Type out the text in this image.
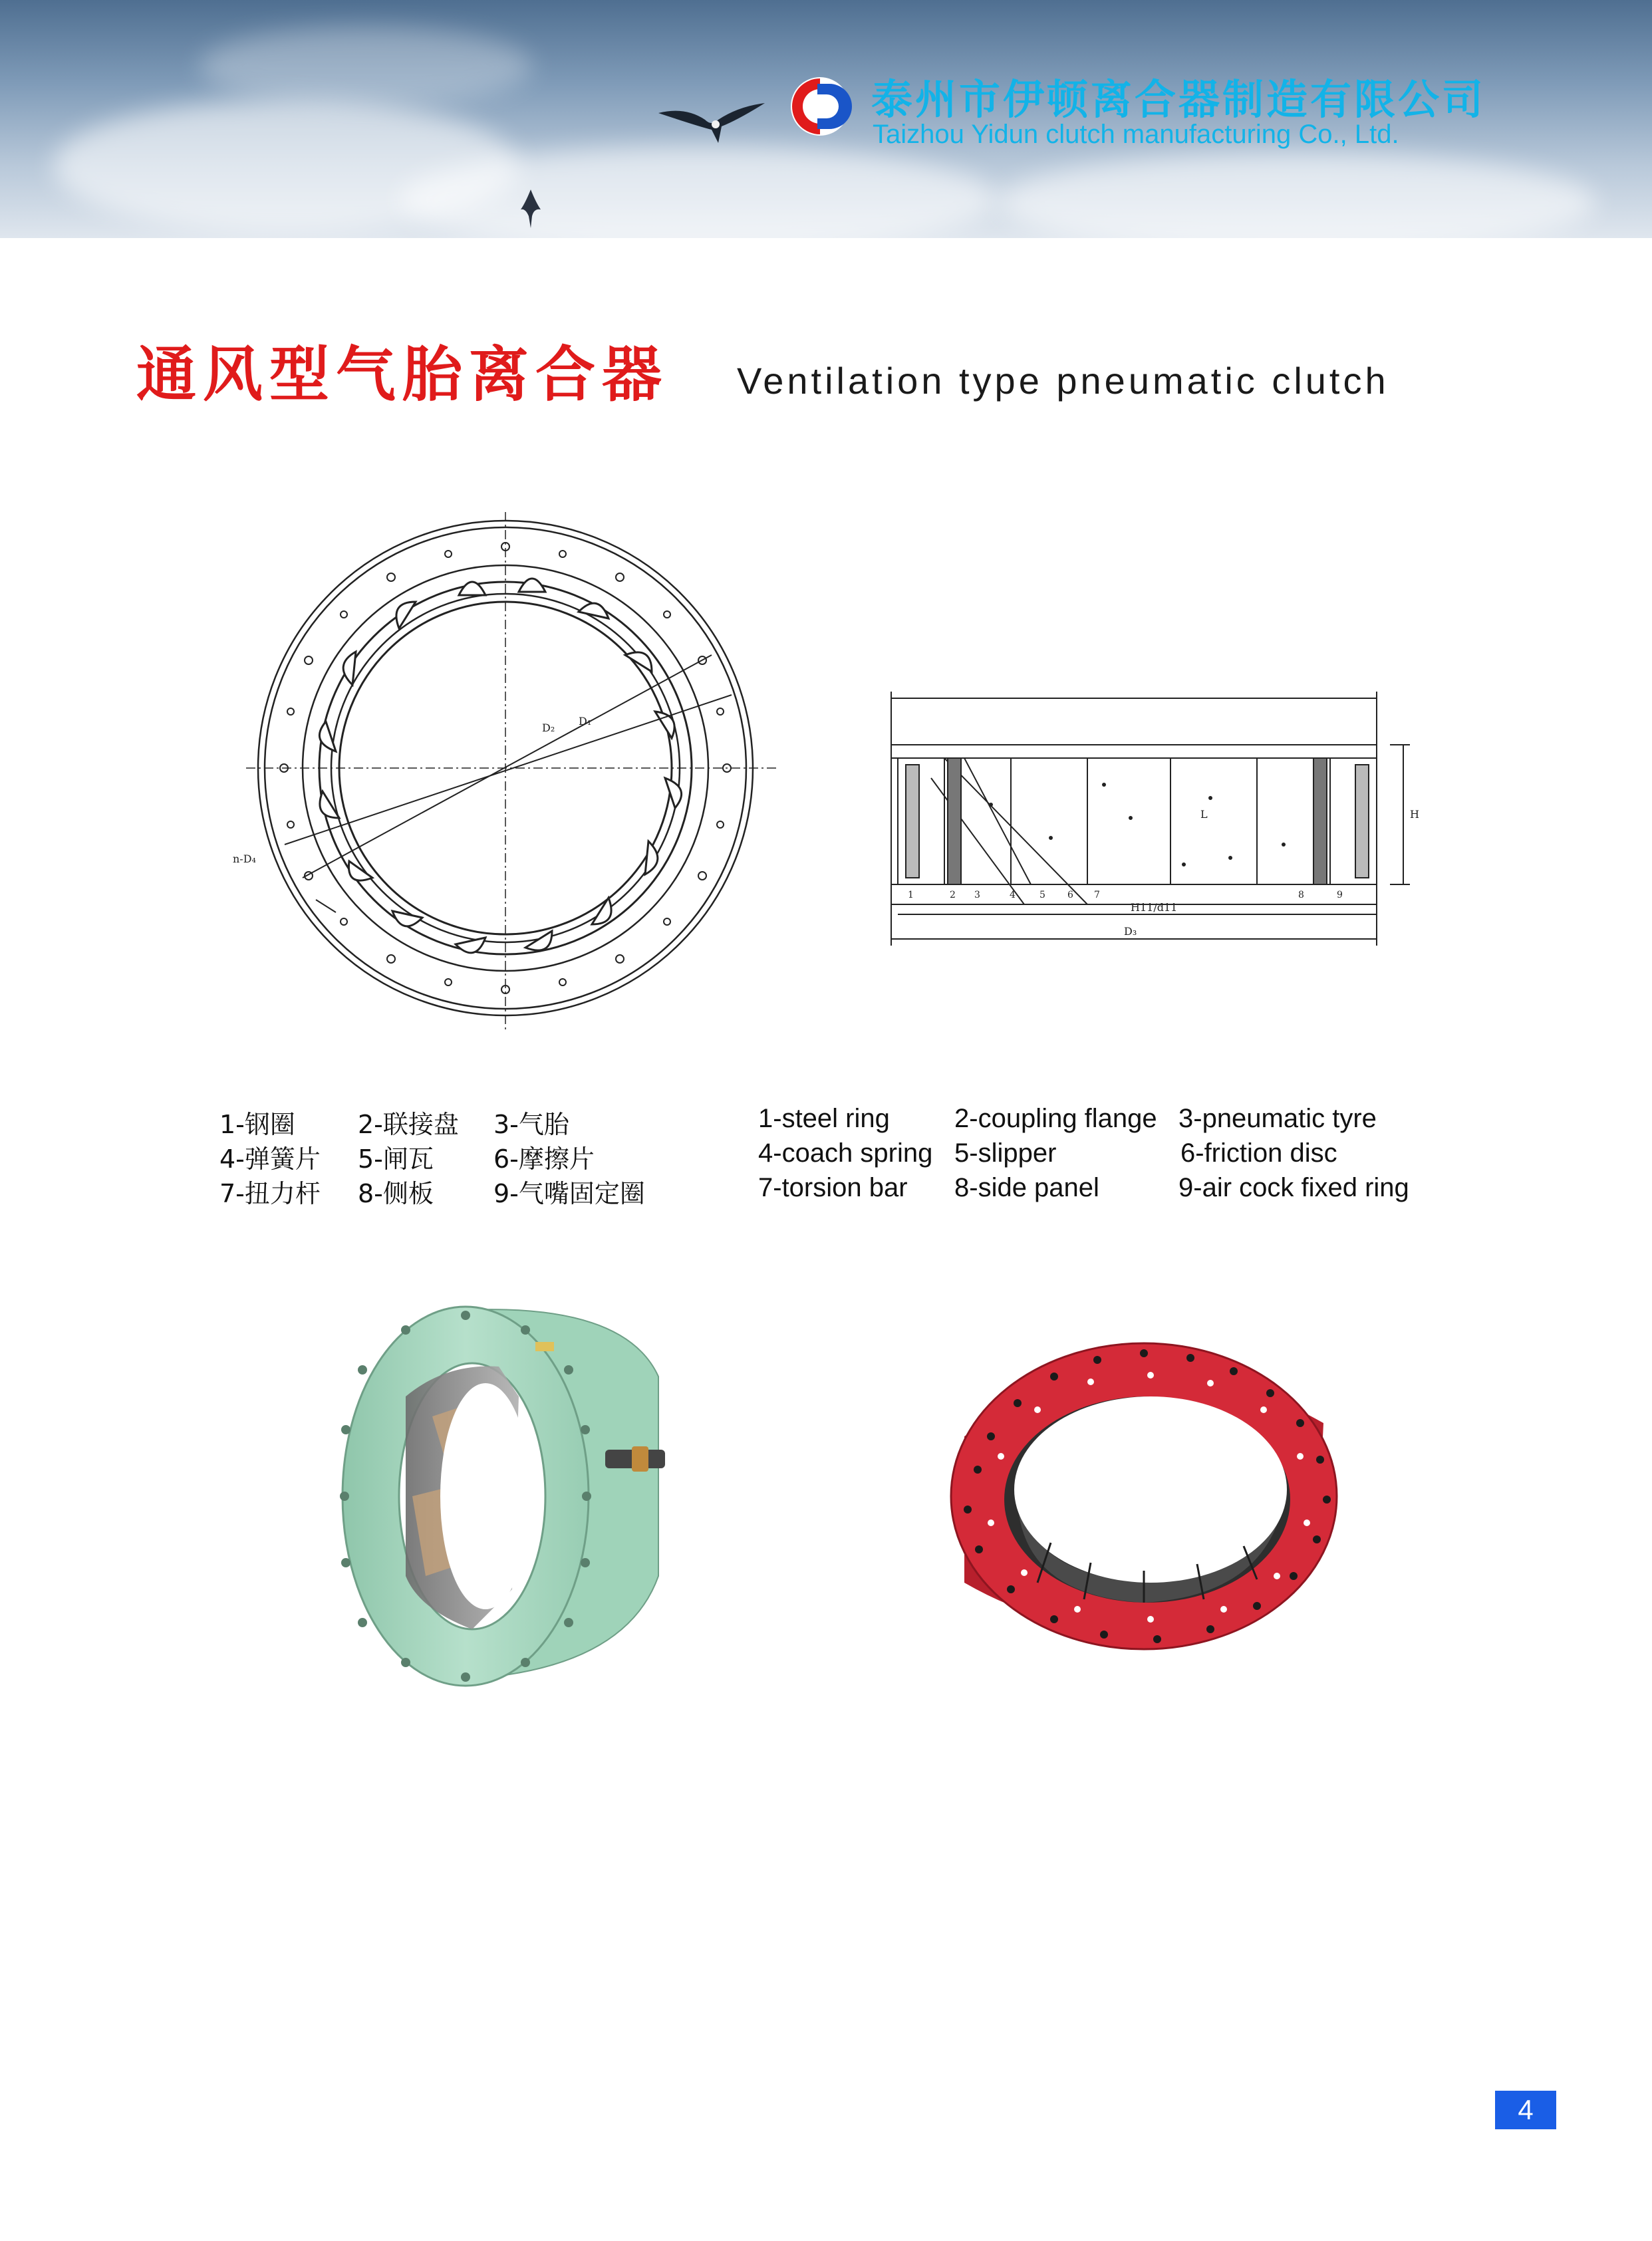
泰州市伊顿离合器制造有限公司
Taizhou Yidun clutch manufacturing Co., Ltd.
通风型气胎离合器 Ventilation type pneumatic clutch
n-D₄
D₂
D₁
H11/d11
D₃
H
L
1	2 3	4	5 6 7	8	9
1-钢圈 2-联接盘 3-气胎
4-弹簧片 5-闸瓦 6-摩擦片
7-扭力杆 8-侧板 9-气嘴固定圈
1-steel ring 2-coupling flange 3-pneumatic tyre
4-coach spring 5-slipper	6-friction disc
7-torsion bar 8-side panel	9-air cock fixed ring
4
